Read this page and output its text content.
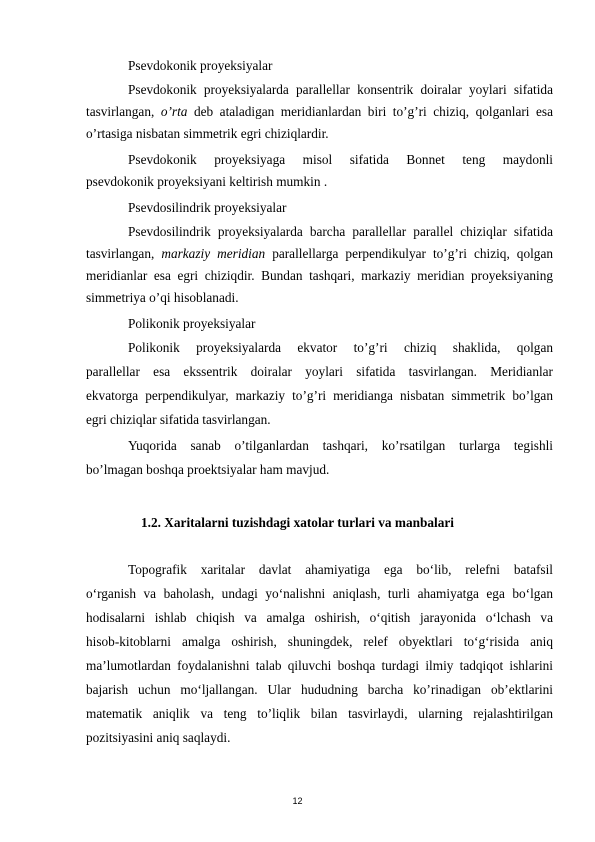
Psevdokonik proyeksiyalar
Psevdokonik proyeksiyalarda parallellar konsentrik doiralar yoylari sifatida
tasvirlangan, o’rta deb ataladigan meridianlardan biri to’g’ri chiziq, qolganlari esa
o’rtasiga nisbatan simmetrik egri chiziqlardir.
Psevdokonik proyeksiyaga misol sifatida Bonnet teng maydonli
psevdokonik proyeksiyani keltirish mumkin .
Psevdosilindrik proyeksiyalar
Psevdosilindrik proyeksiyalarda barcha parallellar parallel chiziqlar sifatida
tasvirlangan, markaziy meridian parallellarga perpendikulyar to’g’ri chiziq, qolgan
meridianlar esa egri chiziqdir. Bundan tashqari, markaziy meridian proyeksiyaning
simmetriya o’qi hisoblanadi.
Polikonik proyeksiyalar
Polikonik proyeksiyalarda ekvator to’g’ri chiziq shaklida, qolgan
parallellar esa ekssentrik doiralar yoylari sifatida tasvirlangan. Meridianlar
ekvatorga perpendikulyar, markaziy to’g’ri meridianga nisbatan simmetrik bo’lgan
egri chiziqlar sifatida tasvirlangan.
Yuqorida sanab o’tilganlardan tashqari, ko’rsatilgan turlarga tegishli
bo’lmagan boshqa proektsiyalar ham mavjud.
1.2. Xaritalarni tuzishdagi xatolar turlari va manbalari
Topografik xaritalar davlat ahamiyatiga ega bo‘lib, relefni batafsil
o‘rganish va baholash, undagi yo‘nalishni aniqlash, turli ahamiyatga ega bo‘lgan
hodisalarni ishlab chiqish va amalga oshirish, o‘qitish jarayonida o‘lchash va
hisob-kitoblarni amalga oshirish, shuningdek, relef obyektlari to‘g‘risida aniq
ma’lumotlardan foydalanishni talab qiluvchi boshqa turdagi ilmiy tadqiqot ishlarini
bajarish uchun mo‘ljallangan. Ular hududning barcha ko’rinadigan ob’ektlarini
matematik aniqlik va teng to’liqlik bilan tasvirlaydi, ularning rejalashtirilgan
pozitsiyasini aniq saqlaydi.
12
